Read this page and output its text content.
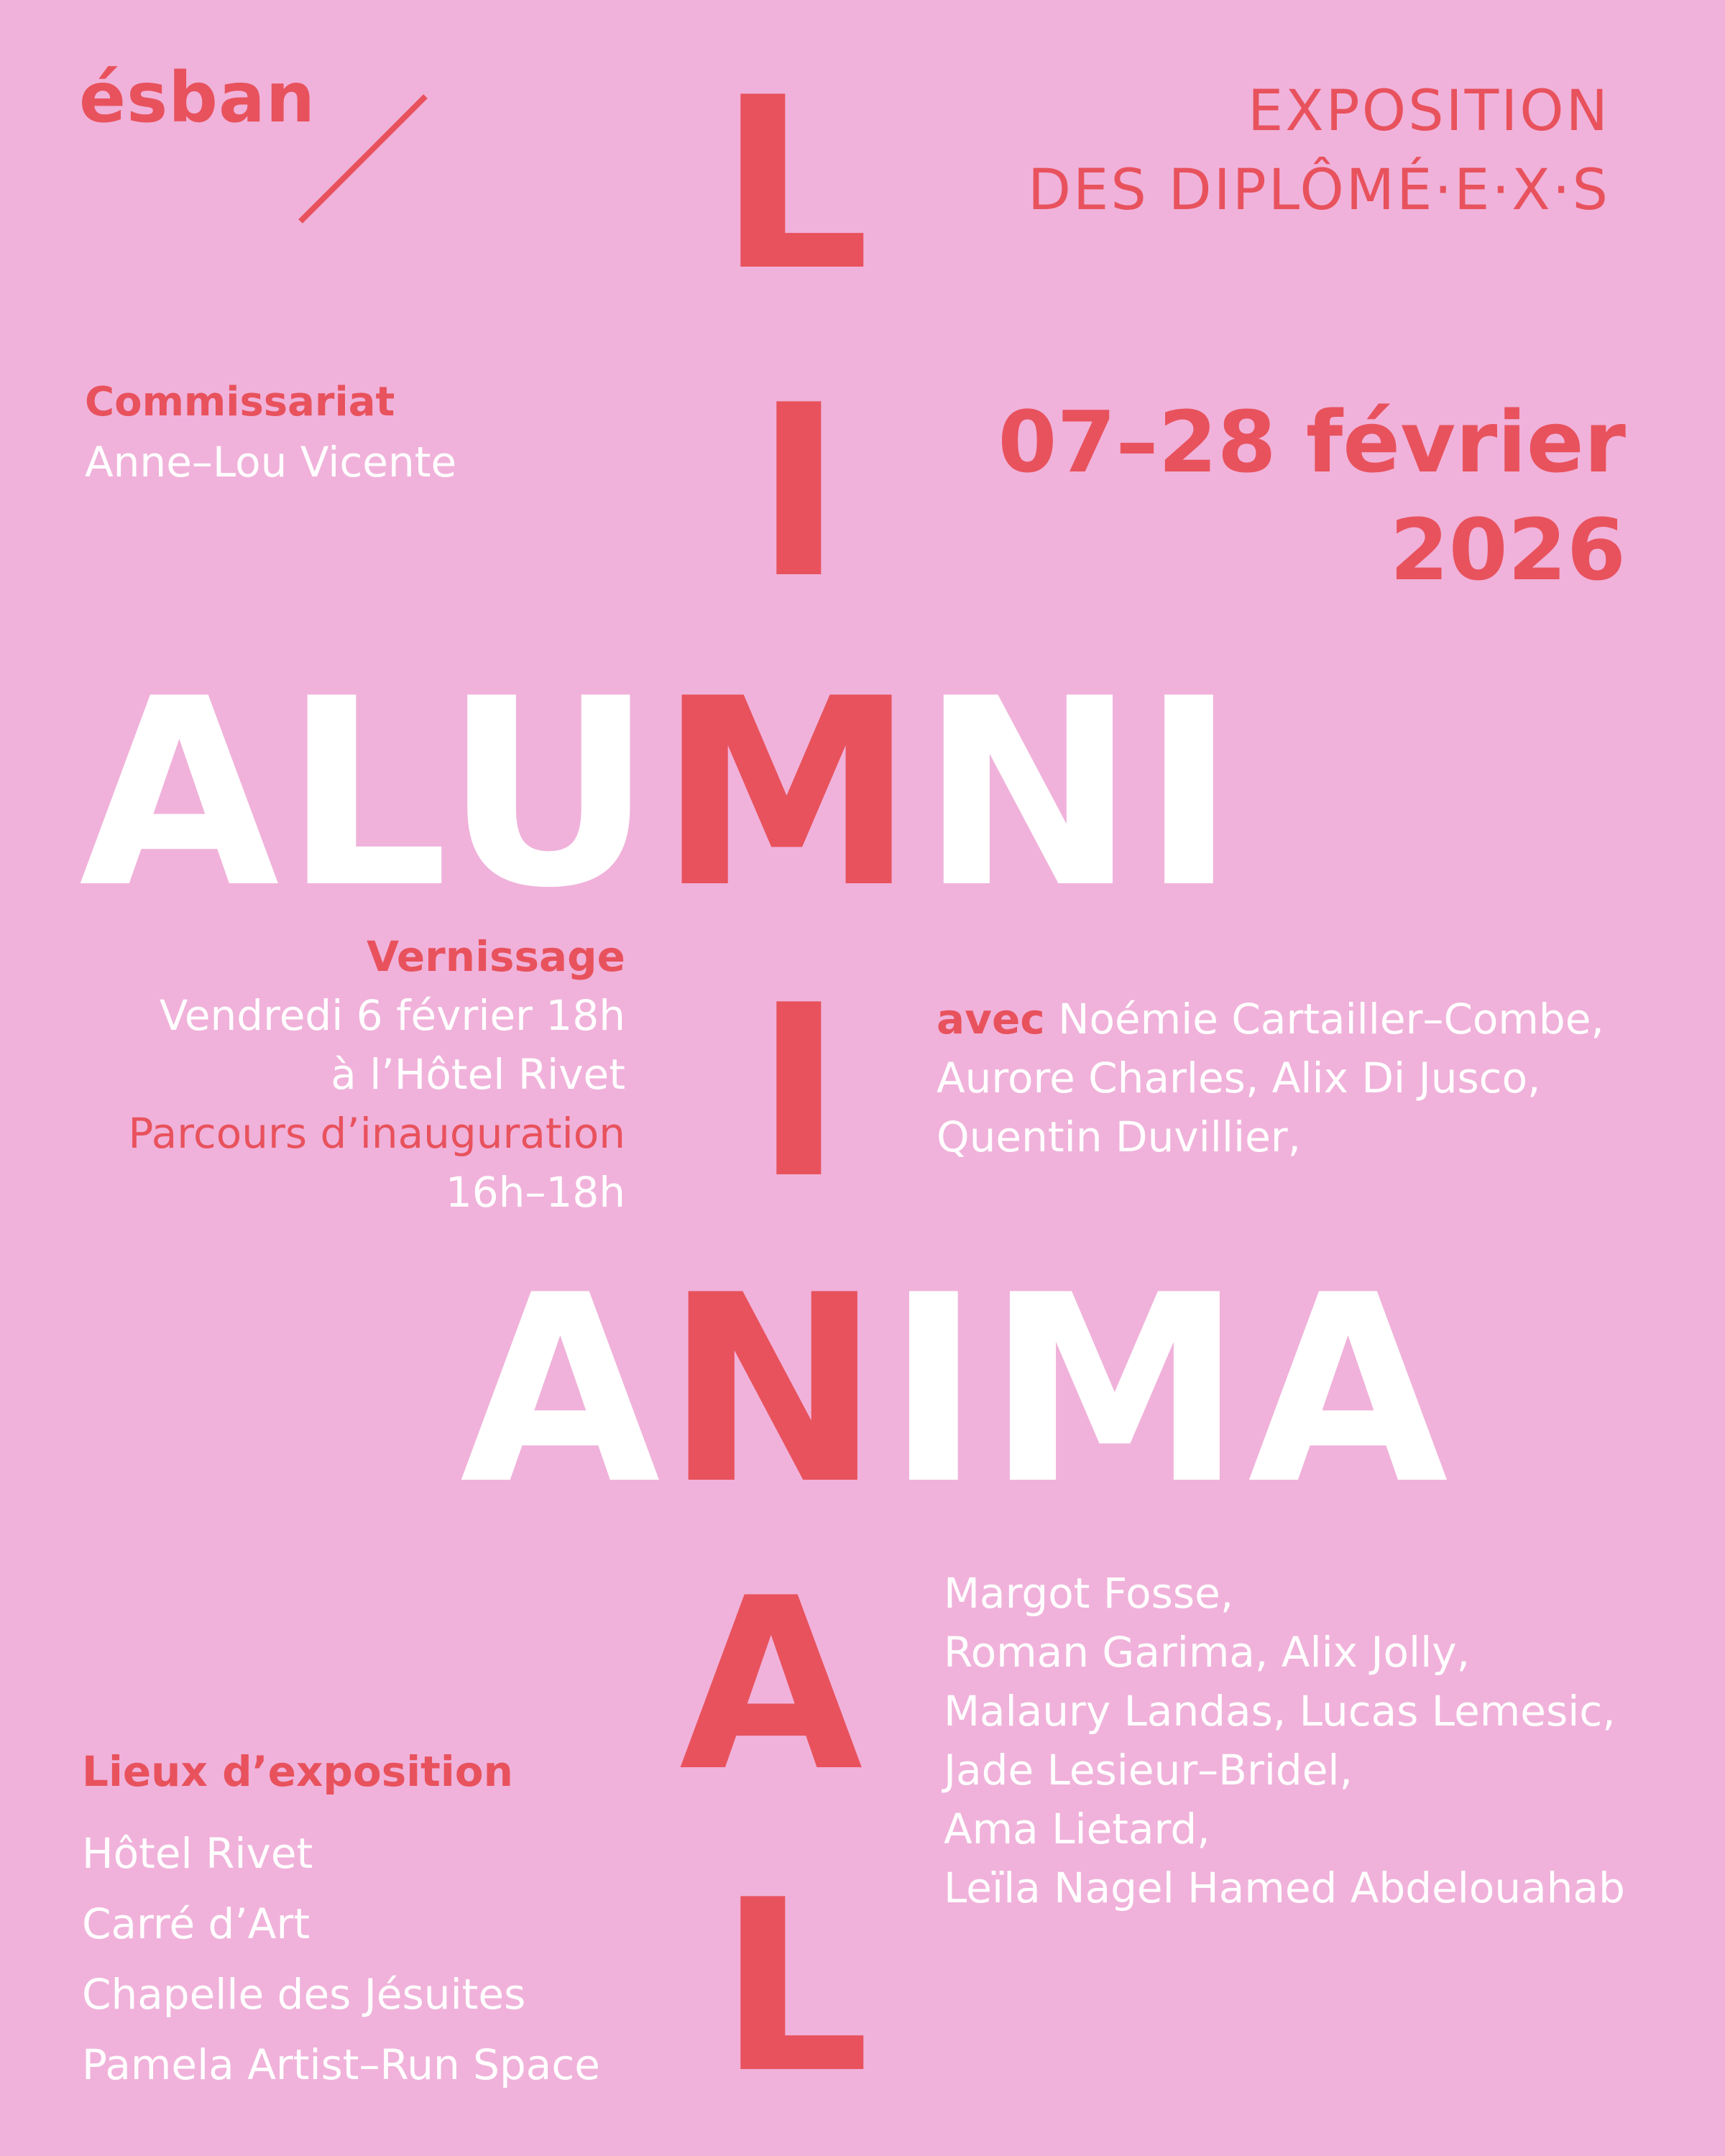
ésban	EXPOSITION
DES DIPLÔMÉ·E·X·S
Commissariat
Anne–Lou Vicente	07–28 février
2026
L
I
ALUMNI
I
ANIMA
A
L
Vernissage
Vendredi 6 février 18h
à l’Hôtel Rivet
Parcours d’inauguration
16h–18h
avec Noémie Cartailler–Combe,
Aurore Charles, Alix Di Jusco,
Quentin Duvillier,
Margot Fosse,
Roman Garima, Alix Jolly,
Malaury Landas, Lucas Lemesic,
Jade Lesieur–Bridel,
Ama Lietard,
Leïla Nagel Hamed Abdelouahab
Lieux d’exposition
Hôtel Rivet
Carré d’Art
Chapelle des Jésuites
Pamela Artist–Run Space
